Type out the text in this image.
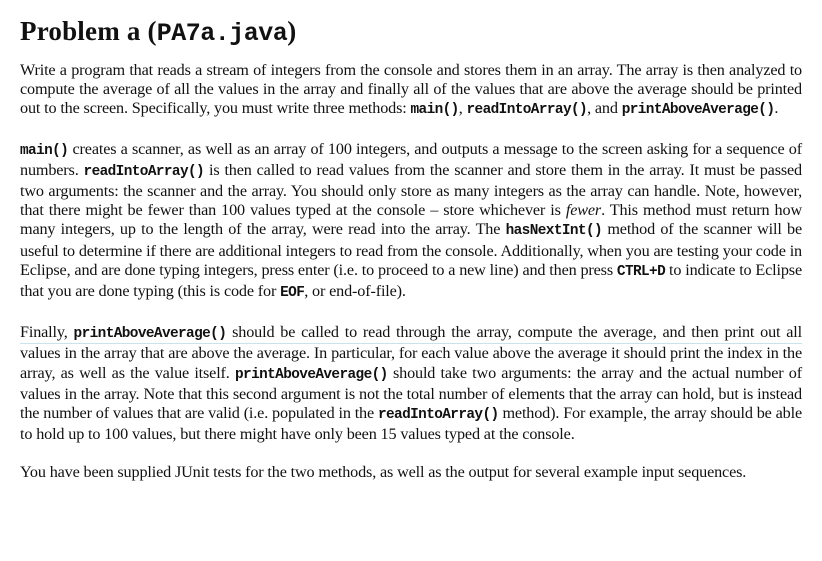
Problem a (PA7a.java)

Write a program that reads a stream of integers from the console and stores them in an array. The array is then analyzed to compute the average of all the values in the array and finally all of the values that are above the average should be printed out to the screen. Specifically, you must write three methods: main(), readIntoArray(), and printAboveAverage().

main() creates a scanner, as well as an array of 100 integers, and outputs a message to the screen asking for a sequence of numbers. readIntoArray() is then called to read values from the scanner and store them in the array. It must be passed two arguments: the scanner and the array. You should only store as many integers as the array can handle. Note, however, that there might be fewer than 100 values typed at the console – store whichever is fewer. This method must return how many integers, up to the length of the array, were read into the array. The hasNextInt() method of the scanner will be useful to determine if there are additional integers to read from the console. Additionally, when you are testing your code in Eclipse, and are done typing integers, press enter (i.e. to proceed to a new line) and then press CTRL+D to indicate to Eclipse that you are done typing (this is code for EOF, or end-of-file).

Finally, printAboveAverage() should be called to read through the array, compute the average, and then print out all values in the array that are above the average. In particular, for each value above the average it should print the index in the array, as well as the value itself. printAboveAverage() should take two arguments: the array and the actual number of values in the array. Note that this second argument is not the total number of elements that the array can hold, but is instead the number of values that are valid (i.e. populated in the readIntoArray() method). For example, the array should be able to hold up to 100 values, but there might have only been 15 values typed at the console.

You have been supplied JUnit tests for the two methods, as well as the output for several example input sequences.
